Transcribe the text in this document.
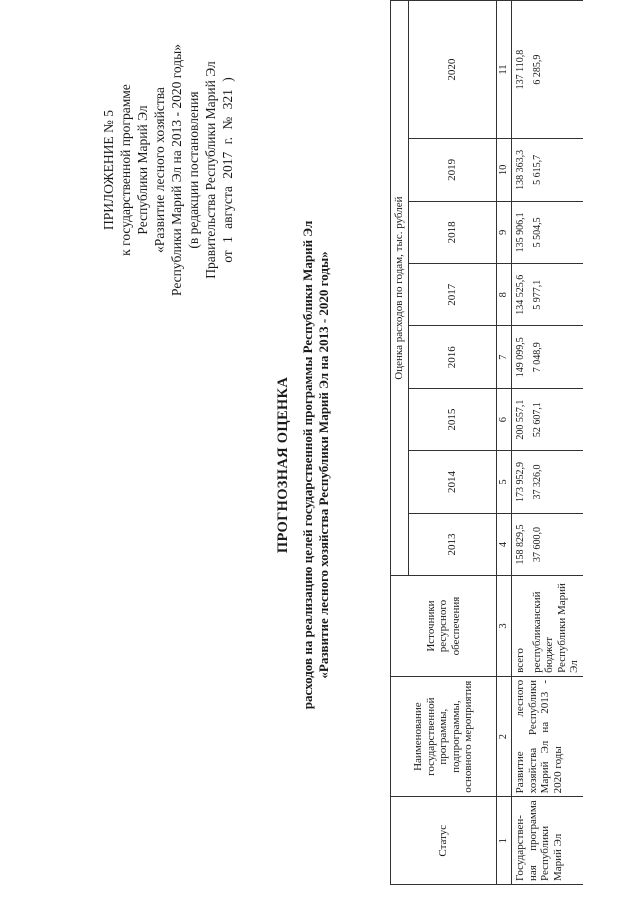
ПРИЛОЖЕНИЕ № 5 к государственной программе Республики Марий Эл «Развитие лесного хозяйства Республики Марий Эл на 2013 - 2020 годы» (в редакции постановления Правительства Республики Марий Эл от 1 августа 2017 г. № 321 )
ПРОГНОЗНАЯ ОЦЕНКА расходов на реализацию целей государственной программы Республики Марий Эл «Развитие лесного хозяйства Республики Марий Эл на 2013 - 2020 годы»
Статус	Наименование государственной программы, подпрограммы, основного мероприятия	Источники ресурсного обеспечения	Оценка расходов по годам, тыс. рублей							
			2013	2014	2015	2016	2017	2018	2019	2020
1	2	3	4	5	6	7	8	9	10	11
Государствен-ная программа Республики Марий Эл	Развитие лесного хозяйства Республики Марий Эл на 2013 - 2020 годы	всего	158 829,5	173 952,9	200 557,1	149 099,5	134 525,6	135 906,1	138 363,3	137 110,8
		республиканский бюджет Республики Марий Эл	37 600,0	37 326,0	52 607,1	7 048,9	5 977,1	5 504,5	5 615,7	6 285,9
